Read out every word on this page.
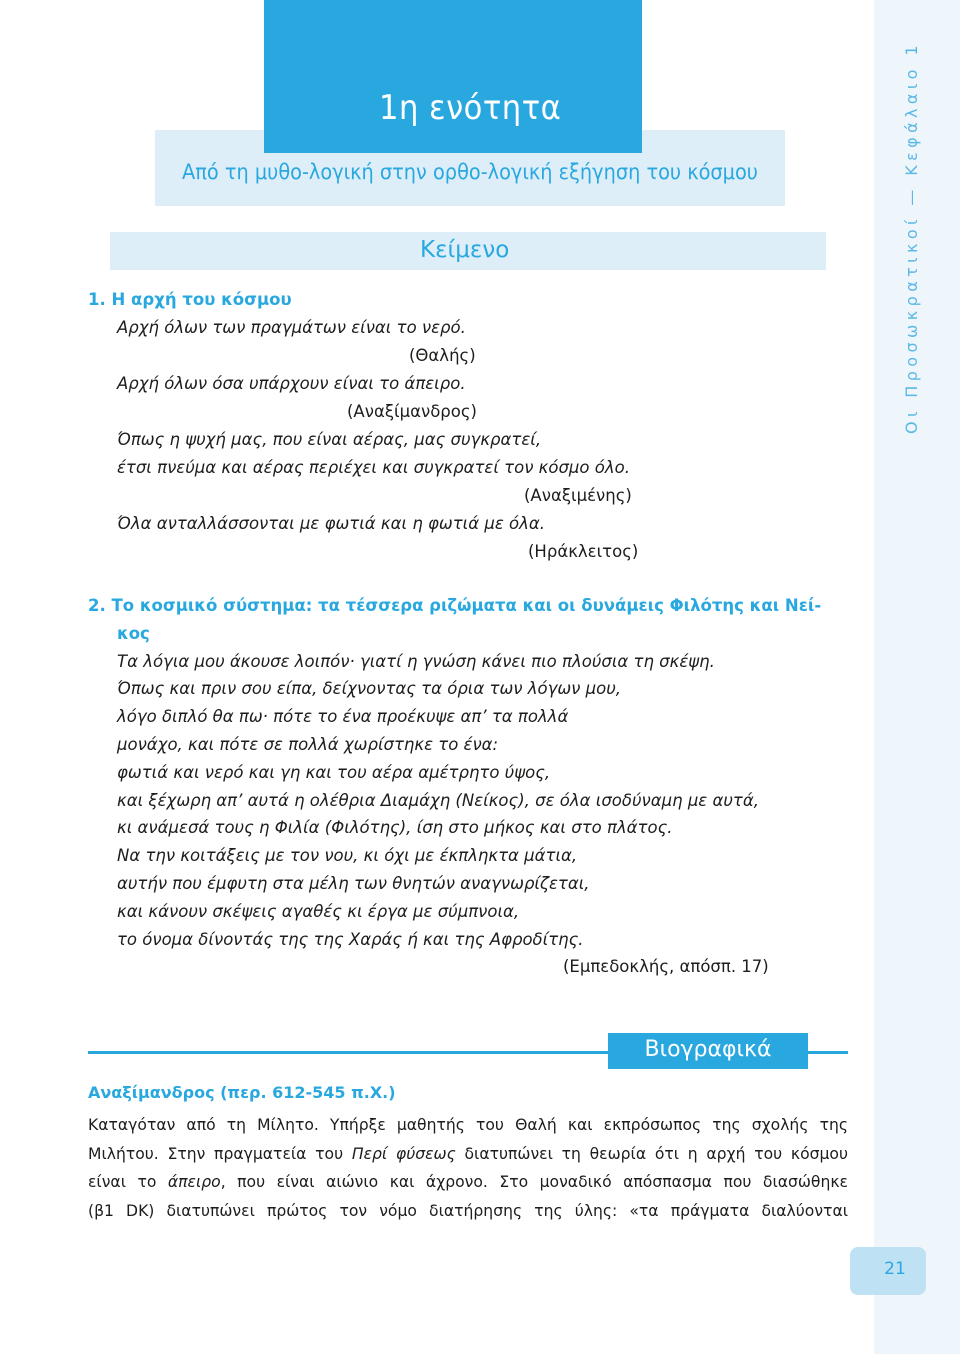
Οι Προσωκρατικοί — Κεφάλαιο 1
1η ενότητα
Από τη μυθο-λογική στην ορθο-λογική εξήγηση του κόσμου
Κείμενο
1. Η αρχή του κόσμου
Αρχή όλων των πραγμάτων είναι το νερό.
(Θαλής)
Αρχή όλων όσα υπάρχουν είναι το άπειρο.
(Αναξίμανδρος)
Όπως η ψυχή μας, που είναι αέρας, μας συγκρατεί,
έτσι πνεύμα και αέρας περιέχει και συγκρατεί τον κόσμο όλο.
(Αναξιμένης)
Όλα ανταλλάσσονται με φωτιά και η φωτιά με όλα.
(Ηράκλειτος)
2. Το κοσμικό σύστημα: τα τέσσερα ριζώματα και οι δυνάμεις Φιλότης και Νεί-
κος
Τα λόγια μου άκουσε λοιπόν· γιατί η γνώση κάνει πιο πλούσια τη σκέψη.
Όπως και πριν σου είπα, δείχνοντας τα όρια των λόγων μου,
λόγο διπλό θα πω· πότε το ένα προέκυψε απ’ τα πολλά
μονάχο, και πότε σε πολλά χωρίστηκε το ένα:
φωτιά και νερό και γη και του αέρα αμέτρητο ύψος,
και ξέχωρη απ’ αυτά η ολέθρια Διαμάχη (Νείκος), σε όλα ισοδύναμη με αυτά,
κι ανάμεσά τους η Φιλία (Φιλότης), ίση στο μήκος και στο πλάτος.
Να την κοιτάξεις με τον νου, κι όχι με έκπληκτα μάτια,
αυτήν που έμφυτη στα μέλη των θνητών αναγνωρίζεται,
και κάνουν σκέψεις αγαθές κι έργα με σύμπνοια,
το όνομα δίνοντάς της της Χαράς ή και της Αφροδίτης.
(Εμπεδοκλής, απόσπ. 17)
Βιογραφικά
Αναξίμανδρος (περ. 612-545 π.Χ.)
Καταγόταν από τη Μίλητο. Υπήρξε μαθητής του Θαλή και εκπρόσωπος της σχολής της
Μιλήτου. Στην πραγματεία του Περί φύσεως διατυπώνει τη θεωρία ότι η αρχή του κόσμου
είναι το άπειρο, που είναι αιώνιο και άχρονο. Στο μοναδικό απόσπασμα που διασώθηκε
(β1 DK) διατυπώνει πρώτος τον νόμο διατήρησης της ύλης: «τα πράγματα διαλύονται
21
